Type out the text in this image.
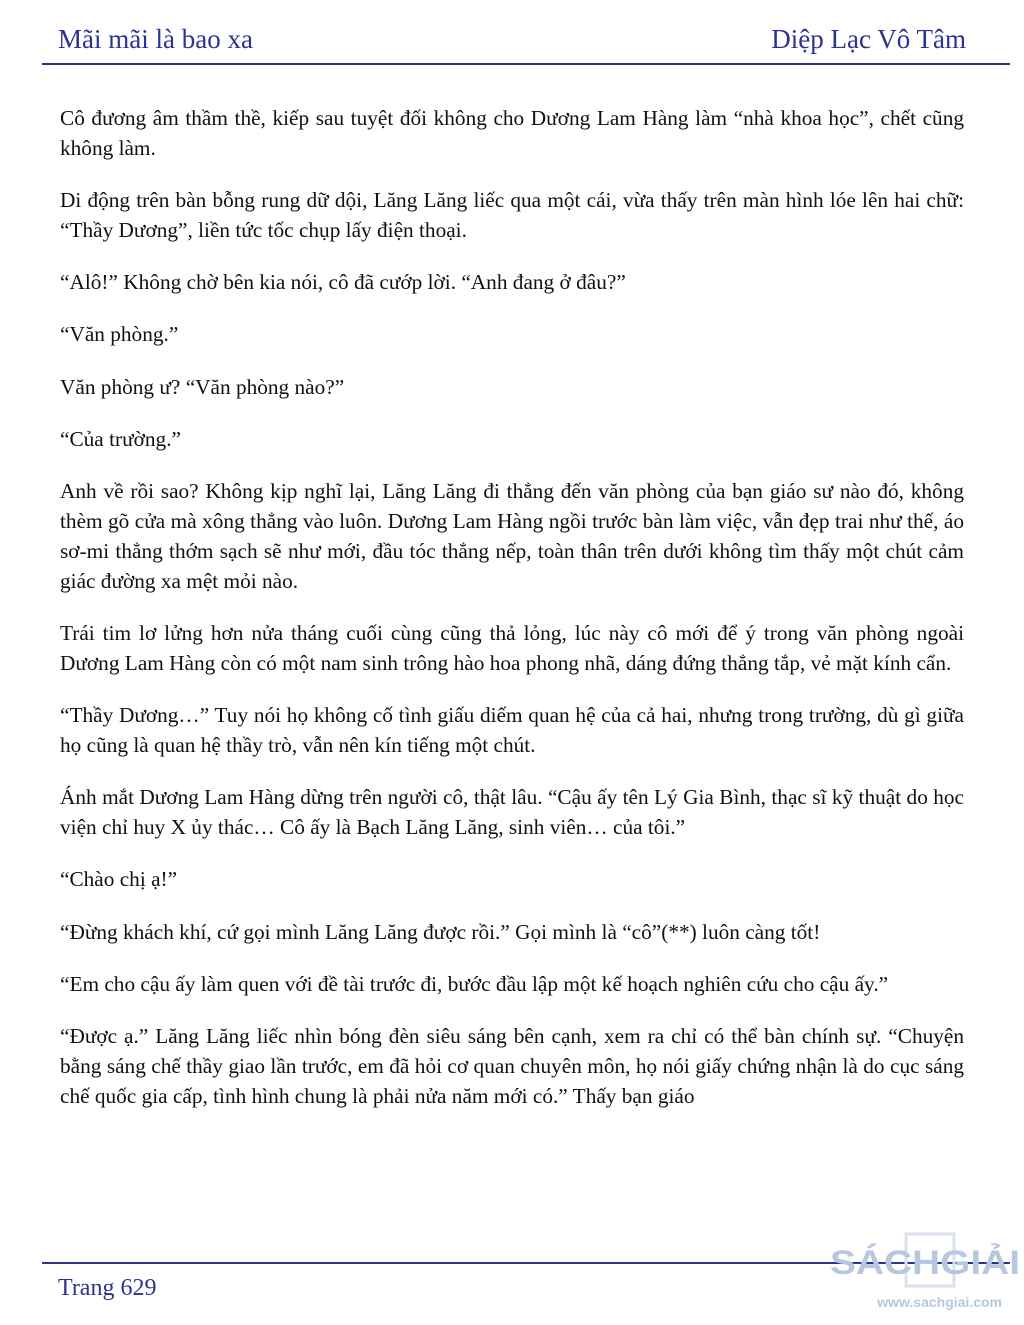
Mãi mãi là bao xa	Diệp Lạc Vô Tâm

Cô đương âm thầm thề, kiếp sau tuyệt đối không cho Dương Lam Hàng làm “nhà khoa học”, chết cũng không làm.

Di động trên bàn bỗng rung dữ dội, Lăng Lăng liếc qua một cái, vừa thấy trên màn hình lóe lên hai chữ: “Thầy Dương”, liền tức tốc chụp lấy điện thoại.

“Alô!” Không chờ bên kia nói, cô đã cướp lời. “Anh đang ở đâu?”

“Văn phòng.”

Văn phòng ư? “Văn phòng nào?”

“Của trường.”

Anh về rồi sao? Không kịp nghĩ lại, Lăng Lăng đi thẳng đến văn phòng của bạn giáo sư nào đó, không thèm gõ cửa mà xông thẳng vào luôn. Dương Lam Hàng ngồi trước bàn làm việc, vẫn đẹp trai như thế, áo sơ-mi thẳng thớm sạch sẽ như mới, đầu tóc thẳng nếp, toàn thân trên dưới không tìm thấy một chút cảm giác đường xa mệt mỏi nào.

Trái tim lơ lửng hơn nửa tháng cuối cùng cũng thả lỏng, lúc này cô mới để ý trong văn phòng ngoài Dương Lam Hàng còn có một nam sinh trông hào hoa phong nhã, dáng đứng thẳng tắp, vẻ mặt kính cẩn.

“Thầy Dương…” Tuy nói họ không cố tình giấu diếm quan hệ của cả hai, nhưng trong trường, dù gì giữa họ cũng là quan hệ thầy trò, vẫn nên kín tiếng một chút.

Ánh mắt Dương Lam Hàng dừng trên người cô, thật lâu. “Cậu ấy tên Lý Gia Bình, thạc sĩ kỹ thuật do học viện chỉ huy X ủy thác… Cô ấy là Bạch Lăng Lăng, sinh viên… của tôi.”

“Chào chị ạ!”

“Đừng khách khí, cứ gọi mình Lăng Lăng được rồi.” Gọi mình là “cô”(**) luôn càng tốt!

“Em cho cậu ấy làm quen với đề tài trước đi, bước đầu lập một kế hoạch nghiên cứu cho cậu ấy.”

“Được ạ.” Lăng Lăng liếc nhìn bóng đèn siêu sáng bên cạnh, xem ra chỉ có thể bàn chính sự. “Chuyện bằng sáng chế thầy giao lần trước, em đã hỏi cơ quan chuyên môn, họ nói giấy chứng nhận là do cục sáng chế quốc gia cấp, tình hình chung là phải nửa năm mới có.” Thấy bạn giáo

Trang 629
SÁCHGIẢI
www.sachgiai.com
